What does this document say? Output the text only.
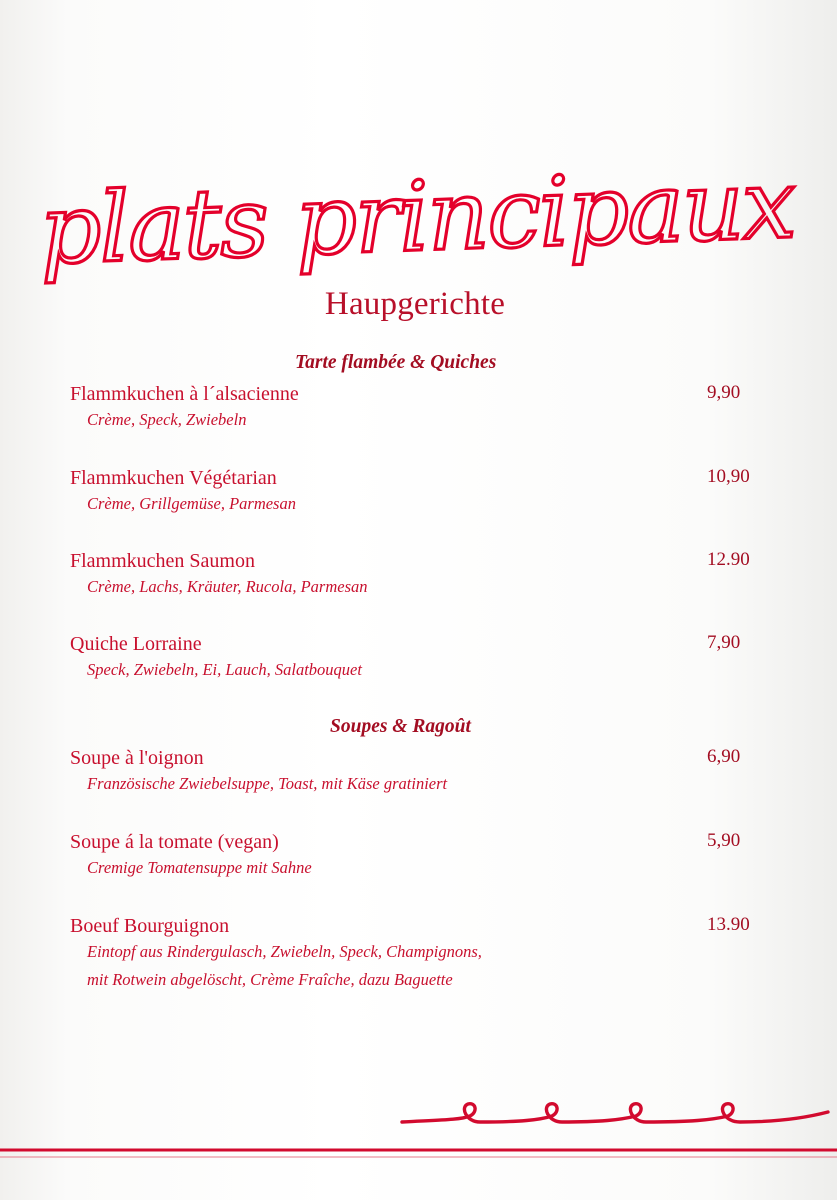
plats principaux
Haupgerichte
Tarte flambée & Quiches
Flammkuchen à l´alsacienne
Crème, Speck, Zwiebeln
9,90
Flammkuchen Végétarian
Crème, Grillgemüse, Parmesan
10,90
Flammkuchen Saumon
Crème, Lachs, Kräuter, Rucola, Parmesan
12.90
Quiche Lorraine
Speck, Zwiebeln, Ei, Lauch, Salatbouquet
7,90
Soupes & Ragoût
Soupe à l'oignon
Französische Zwiebelsuppe, Toast, mit Käse gratiniert
6,90
Soupe á la tomate (vegan)
Cremige Tomatensuppe mit Sahne
5,90
Boeuf Bourguignon
Eintopf aus Rindergulasch, Zwiebeln, Speck, Champignons,
mit Rotwein abgelöscht, Crème Fraîche, dazu Baguette
13.90
